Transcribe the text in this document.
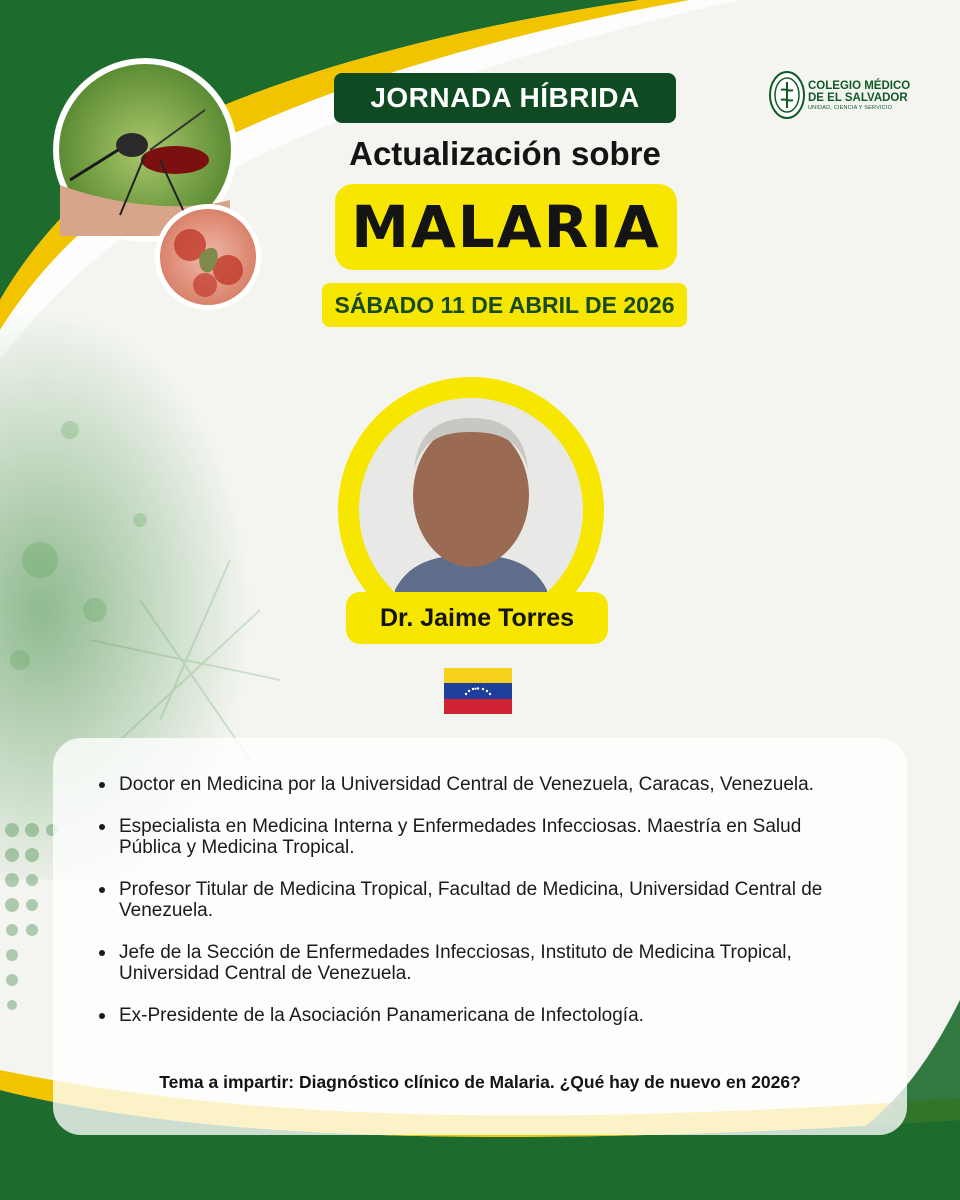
JORNADA HÍBRIDA
Actualización sobre
MALARIA
SÁBADO 11 DE ABRIL DE 2026
COLEGIO MÉDICO
DE EL SALVADOR
UNIDAD, CIENCIA Y SERVICIO
Dr. Jaime Torres
Doctor en Medicina por la Universidad Central de Venezuela, Caracas, Venezuela.
Especialista en Medicina Interna y Enfermedades Infecciosas. Maestría en Salud Pública y Medicina Tropical.
Profesor Titular de Medicina Tropical, Facultad de Medicina, Universidad Central de Venezuela.
Jefe de la Sección de Enfermedades Infecciosas, Instituto de Medicina Tropical, Universidad Central de Venezuela.
Ex-Presidente de la Asociación Panamericana de Infectología.
Tema a impartir: Diagnóstico clínico de Malaria. ¿Qué hay de nuevo en 2026?
